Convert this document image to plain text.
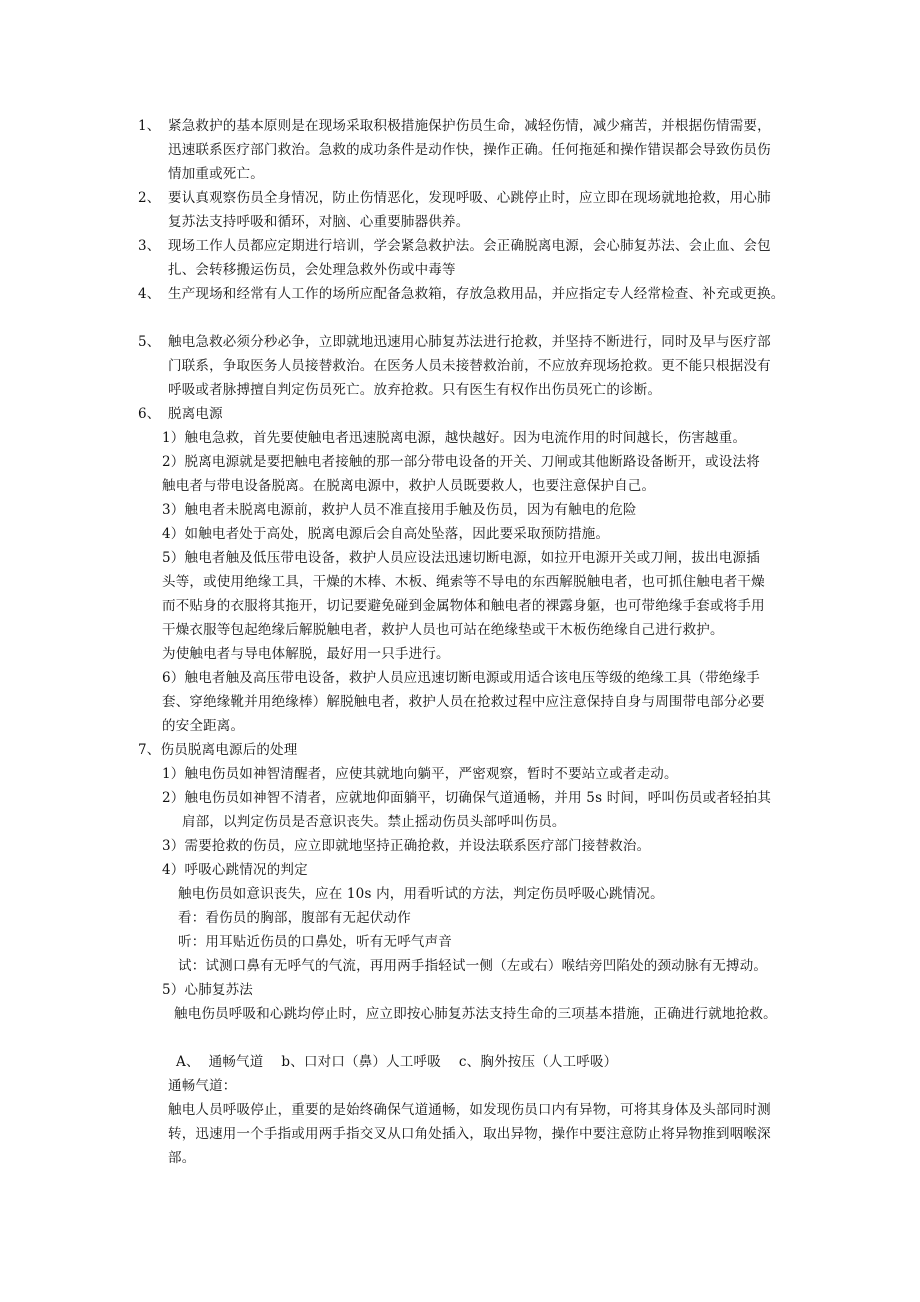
1、 紧急救护的基本原则是在现场采取积极措施保护伤员生命，减轻伤情，减少痛苦，并根据伤情需要，
迅速联系医疗部门救治。急救的成功条件是动作快，操作正确。任何拖延和操作错误都会导致伤员伤
情加重或死亡。
2、 要认真观察伤员全身情况，防止伤情恶化，发现呼吸、心跳停止时，应立即在现场就地抢救，用心肺
复苏法支持呼吸和循环，对脑、心重要肺器供养。
3、 现场工作人员都应定期进行培训，学会紧急救护法。会正确脱离电源，会心肺复苏法、会止血、会包
扎、会转移搬运伤员，会处理急救外伤或中毒等
4、 生产现场和经常有人工作的场所应配备急救箱，存放急救用品，并应指定专人经常检查、补充或更换。
5、 触电急救必须分秒必争，立即就地迅速用心肺复苏法进行抢救，并坚持不断进行，同时及早与医疗部
门联系，争取医务人员接替救治。在医务人员未接替救治前，不应放弃现场抢救。更不能只根据没有
呼吸或者脉搏擅自判定伤员死亡。放弃抢救。只有医生有权作出伤员死亡的诊断。
6、 脱离电源
1）触电急救，首先要使触电者迅速脱离电源，越快越好。因为电流作用的时间越长，伤害越重。
2）脱离电源就是要把触电者接触的那一部分带电设备的开关、刀闸或其他断路设备断开，或设法将
触电者与带电设备脱离。在脱离电源中，救护人员既要救人，也要注意保护自己。
3）触电者未脱离电源前，救护人员不准直接用手触及伤员，因为有触电的危险
4）如触电者处于高处，脱离电源后会自高处坠落，因此要采取预防措施。
5）触电者触及低压带电设备，救护人员应设法迅速切断电源，如拉开电源开关或刀闸，拔出电源插
头等，或使用绝缘工具，干燥的木棒、木板、绳索等不导电的东西解脱触电者，也可抓住触电者干燥
而不贴身的衣服将其拖开，切记要避免碰到金属物体和触电者的裸露身躯，也可带绝缘手套或将手用
干燥衣服等包起绝缘后解脱触电者，救护人员也可站在绝缘垫或干木板伤绝缘自己进行救护。
为使触电者与导电体解脱，最好用一只手进行。
6）触电者触及高压带电设备，救护人员应迅速切断电源或用适合该电压等级的绝缘工具（带绝缘手
套、穿绝缘靴并用绝缘棒）解脱触电者，救护人员在抢救过程中应注意保持自身与周围带电部分必要
的安全距离。
7、伤员脱离电源后的处理
1）触电伤员如神智清醒者，应使其就地向躺平，严密观察，暂时不要站立或者走动。
2）触电伤员如神智不清者，应就地仰面躺平，切确保气道通畅，并用 5s 时间，呼叫伤员或者轻拍其
肩部，以判定伤员是否意识丧失。禁止摇动伤员头部呼叫伤员。
3）需要抢救的伤员，应立即就地坚持正确抢救，并设法联系医疗部门接替救治。
4）呼吸心跳情况的判定
触电伤员如意识丧失，应在 10s 内，用看听试的方法，判定伤员呼吸心跳情况。
看：看伤员的胸部，腹部有无起伏动作
听：用耳贴近伤员的口鼻处，听有无呼气声音
试：试测口鼻有无呼气的气流，再用两手指轻试一侧（左或右）喉结旁凹陷处的颈动脉有无搏动。
5）心肺复苏法
触电伤员呼吸和心跳均停止时，应立即按心肺复苏法支持生命的三项基本措施，正确进行就地抢救。
A、  通畅气道    b、口对口（鼻）人工呼吸    c、胸外按压（人工呼吸）
通畅气道：
触电人员呼吸停止，重要的是始终确保气道通畅，如发现伤员口内有异物，可将其身体及头部同时测
转，迅速用一个手指或用两手指交叉从口角处插入，取出异物，操作中要注意防止将异物推到咽喉深
部。
